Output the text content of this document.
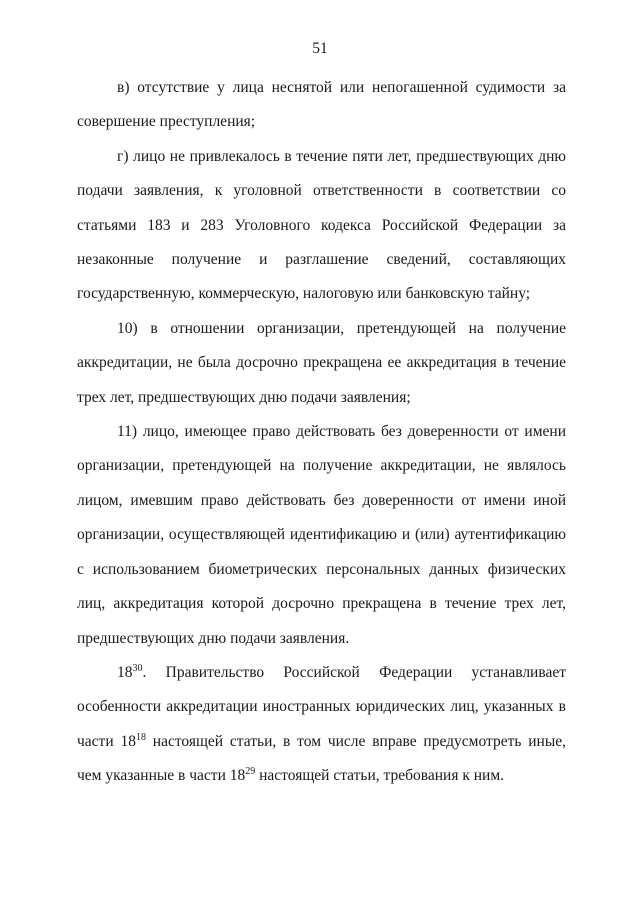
51

в) отсутствие у лица неснятой или непогашенной судимости за совершение преступления;

г) лицо не привлекалось в течение пяти лет, предшествующих дню подачи заявления, к уголовной ответственности в соответствии со статьями 183 и 283 Уголовного кодекса Российской Федерации за незаконные получение и разглашение сведений, составляющих государственную, коммерческую, налоговую или банковскую тайну;

10) в отношении организации, претендующей на получение аккредитации, не была досрочно прекращена ее аккредитация в течение трех лет, предшествующих дню подачи заявления;

11) лицо, имеющее право действовать без доверенности от имени организации, претендующей на получение аккредитации, не являлось лицом, имевшим право действовать без доверенности от имени иной организации, осуществляющей идентификацию и (или) аутентификацию с использованием биометрических персональных данных физических лиц, аккредитация которой досрочно прекращена в течение трех лет, предшествующих дню подачи заявления.

$18^{30}$. Правительство Российской Федерации устанавливает особенности аккредитации иностранных юридических лиц, указанных в части $18^{18}$ настоящей статьи, в том числе вправе предусмотреть иные, чем указанные в части $18^{29}$ настоящей статьи, требования к ним.
